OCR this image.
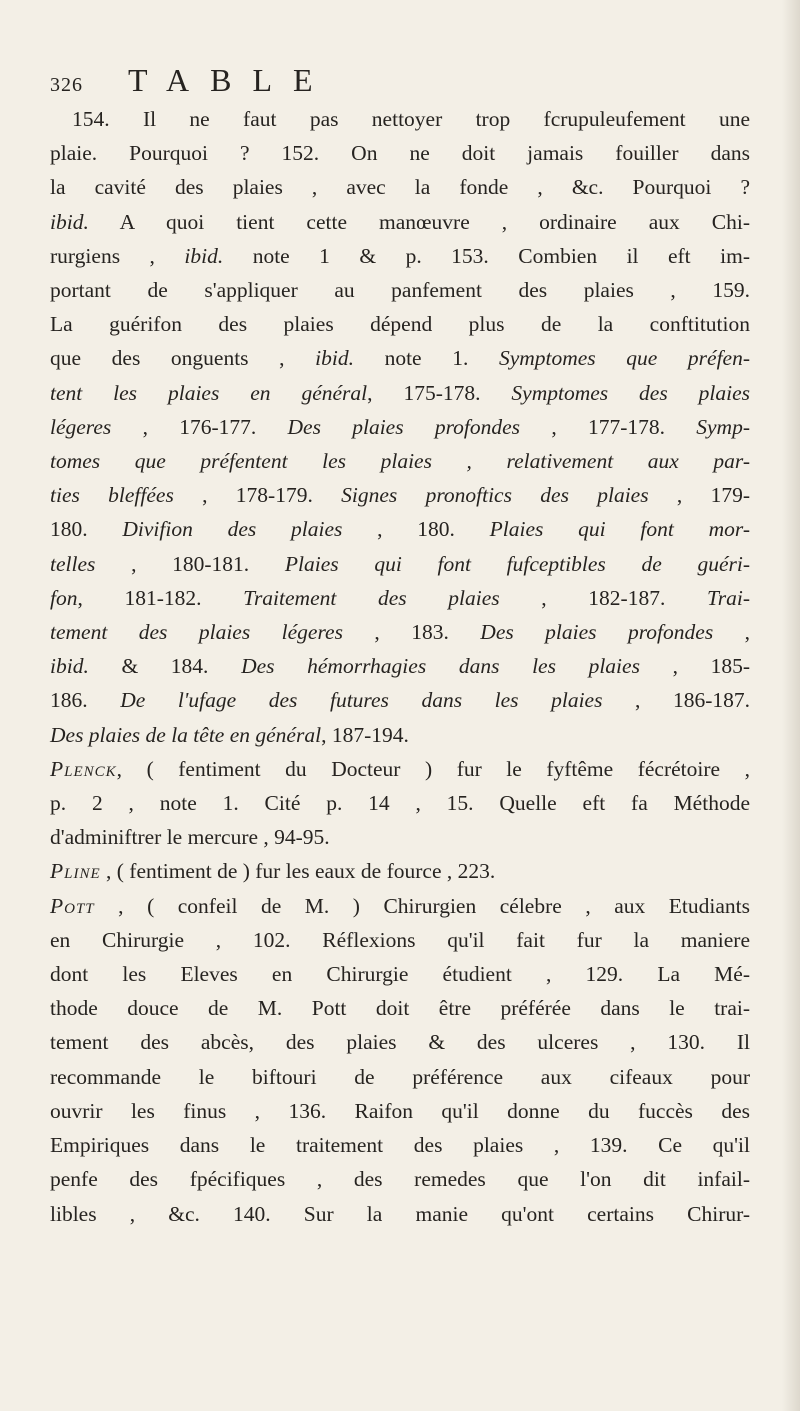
326 TABLE
154. Il ne faut pas nettoyer trop fcrupuleufement une
plaie. Pourquoi ? 152. On ne doit jamais fouiller dans
la cavité des plaies , avec la fonde , &c. Pourquoi ?
ibid. A quoi tient cette manœuvre , ordinaire aux Chi-
rurgiens , ibid. note 1 & p. 153. Combien il eft im-
portant de s'appliquer au panfement des plaies , 159.
La guérifon des plaies dépend plus de la conftitution
que des onguents , ibid. note 1. Symptomes que préfen-
tent les plaies en général, 175-178. Symptomes des plaies
légeres , 176-177. Des plaies profondes , 177-178. Symp-
tomes que préfentent les plaies , relativement aux par-
ties bleffées , 178-179. Signes pronoftics des plaies , 179-
180. Divifion des plaies , 180. Plaies qui font mor-
telles , 180-181. Plaies qui font fufceptibles de guéri-
fon, 181-182. Traitement des plaies , 182-187. Trai-
tement des plaies légeres , 183. Des plaies profondes ,
ibid. & 184. Des hémorrhagies dans les plaies , 185-
186. De l'ufage des futures dans les plaies , 186-187.
Des plaies de la tête en général, 187-194.
Plenck, ( fentiment du Docteur ) fur le fyftême fécrétoire ,
p. 2 , note 1. Cité p. 14 , 15. Quelle eft fa Méthode
d'adminiftrer le mercure , 94-95.
Pline , ( fentiment de ) fur les eaux de fource , 223.
Pott , ( confeil de M. ) Chirurgien célebre , aux Etudiants
en Chirurgie , 102. Réflexions qu'il fait fur la maniere
dont les Eleves en Chirurgie étudient , 129. La Mé-
thode douce de M. Pott doit être préférée dans le trai-
tement des abcès, des plaies & des ulceres , 130. Il
recommande le biftouri de préférence aux cifeaux pour
ouvrir les finus , 136. Raifon qu'il donne du fuccès des
Empiriques dans le traitement des plaies , 139. Ce qu'il
penfe des fpécifiques , des remedes que l'on dit infail-
libles , &c. 140. Sur la manie qu'ont certains Chirur-
